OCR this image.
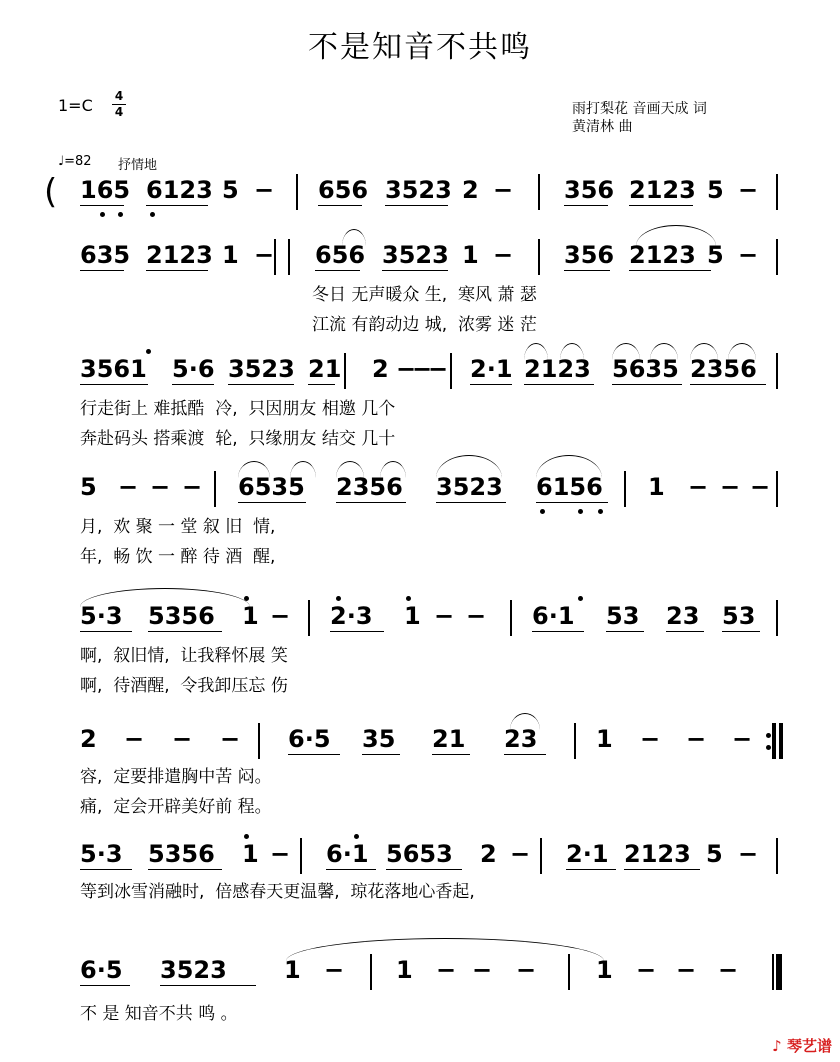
不是知音不共鸣
1=C 4
4	雨打梨花 音画天成 词
黄清林 曲
♩=82 抒情地
165 6123 5 − 656 3523 2 − 356 2123 5 −
(
635 2123 1 − 656 3523 1 − 356 2123 5 −
冬日 无声暖众 生,  寒风 萧 瑟
江流 有韵动边 城,  浓雾 迷 茫
3561 5·6 3523 21 2 −
−
− 2·1 2123 5635 2356
行走街上 难抵酷  冷,  只因朋友 相邀 几个
奔赴码头 搭乘渡  轮,  只缘朋友 结交 几十
5 − − − 6535 2356 3523 6156 1 − − −
月,  欢 聚 一 堂 叙 旧  情,
年,  畅 饮 一 醉 待 酒  醒,
5·3 5356 1 − 2·3 1 − − 6·1 53 23 53
啊,  叙旧情,  让我释怀展 笑
啊,  待酒醒,  令我卸压忘 伤
2 − − − 6·5 35 21 23 1 − − −
容,  定要排遣胸中苦 闷。
痛,  定会开辟美好前 程。
5·3 5356 1 − 6·1 5653 2 − 2·1 2123 5 −
等到冰雪消融时,  倍感春天更温馨,  琼花落地心香起,
6·5 3523 1 − 1 − − − 1 − − −
不 是 知音不共 鸣 。
♪ 琴艺谱
